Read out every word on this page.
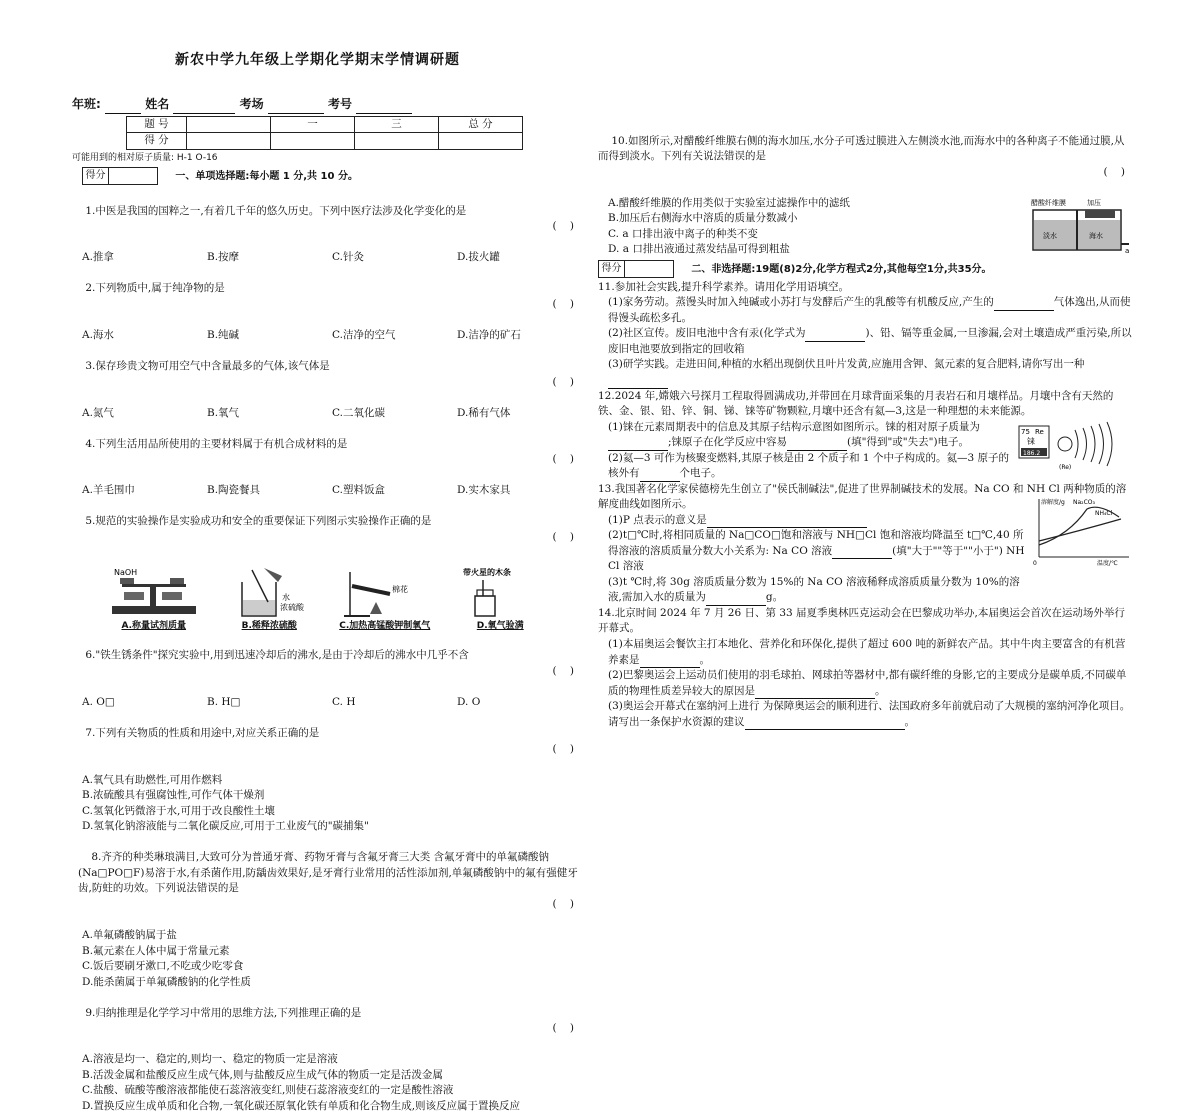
新农中学九年级上学期化学期末学情调研题
年班:	姓名	考场	考号
题 号		一	三	总 分
得 分				
可能用到的相对原子质量: H-1 O-16
得分	一、单项选择题:每小题 1 分,共 10 分。

1.中医是我国的国粹之一,有着几千年的悠久历史。下列中医疗法涉及化学变化的是

(    )

A.推拿	B.按摩	C.针灸	D.拔火罐

2.下列物质中,属于纯净物的是

(    )

A.海水	B.纯碱	C.洁净的空气	D.洁净的矿石

3.保存珍贵文物可用空气中含量最多的气体,该气体是

(    )

A.氮气	B.氧气	C.二氧化碳	D.稀有气体

4.下列生活用品所使用的主要材料属于有机合成材料的是

(    )

A.羊毛围巾	B.陶瓷餐具	C.塑料饭盒	D.实木家具

5.规范的实验操作是实验成功和安全的重要保证下列图示实验操作正确的是

(    )

NaOH
A.称量试剂质量
水
浓硫酸
B.稀释浓硫酸
棉花
C.加热高锰酸钾制氧气
带火星的木条
D.氧气验满

6."铁生锈条件"探究实验中,用到迅速冷却后的沸水,是由于冷却后的沸水中几乎不含

(    )

A. O□	B. H□	C. H	D. O

7.下列有关物质的性质和用途中,对应关系正确的是

(    )

A.氧气具有助燃性,可用作燃料
B.浓硫酸具有强腐蚀性,可作气体干燥剂
C.氢氧化钙微溶于水,可用于改良酸性土壤
D.氢氧化钠溶液能与二氧化碳反应,可用于工业废气的"碳捕集"

8.齐齐的种类琳琅满目,大致可分为普通牙膏、药物牙膏与含氟牙膏三大类 含氟牙膏中的单氟磷酸钠(Na□PO□F)易溶于水,有杀菌作用,防龋齿效果好,是牙膏行业常用的活性添加剂,单氟磷酸钠中的氟有强健牙齿,防蛀的功效。下列说法错误的是

(    )

A.单氟磷酸钠属于盐
B.氟元素在人体中属于常量元素
C.饭后要刷牙漱口,不吃或少吃零食
D.能杀菌属于单氟磷酸钠的化学性质

9.归纳推理是化学学习中常用的思维方法,下列推理正确的是

(    )

A.溶液是均一、稳定的,则均一、稳定的物质一定是溶液
B.活泼金属和盐酸反应生成气体,则与盐酸反应生成气体的物质一定是活泼金属
C.盐酸、硫酸等酸溶液都能使石蕊溶液变红,则使石蕊溶液变红的一定是酸性溶液
D.置换反应生成单质和化合物,一氧化碳还原氧化铁有单质和化合物生成,则该反应属于置换反应

10.如图所示,对醋酸纤维膜右侧的海水加压,水分子可透过膜进入左侧淡水池,而海水中的各种离子不能通过膜,从而得到淡水。下列有关说法错误的是

(    )

A.醋酸纤维膜的作用类似于实验室过滤操作中的滤纸
B.加压后右侧海水中溶质的质量分数减小
C. a 口排出液中离子的种类不变
D. a 口排出液通过蒸发结晶可得到粗盐
醋酸纤维膜	加压
淡水	海水
a
得分	二、非选择题:19题(8)2分,化学方程式2分,其他每空1分,共35分。
11.参加社会实践,提升科学素养。请用化学用语填空。
(1)家务劳动。蒸馒头时加入纯碱或小苏打与发酵后产生的乳酸等有机酸反应,产生的	气体逸出,从而使得馒头疏松多孔。
(2)社区宣传。废旧电池中含有汞(化学式为	)、铅、镉等重金属,一旦渗漏,会对土壤造成严重污染,所以废旧电池要放到指定的回收箱
(3)研学实践。走进田间,种植的水稻出现倒伏且叶片发黄,应施用含钾、氮元素的复合肥料,请你写出一种
12.2024 年,嫦娥六号探月工程取得圆满成功,并带回在月球背面采集的月表岩石和月壤样品。月壤中含有天然的铁、金、银、铅、锌、铜、锑、铼等矿物颗粒,月壤中还含有氦—3,这是一种理想的未来能源。
(1)铼在元素周期表中的信息及其原子结构示意图如图所示。铼的相对原子质量为;铼原子在化学反应中容易	(填"得到"或"失去")电子。
(2)氦—3 可作为核聚变燃料,其原子核是由 2 个质子和 1 个中子构成的。氦—3 原子的核外有	个电子。
75 Re
铼
186.2
(Re)
13.我国著名化学家侯德榜先生创立了"侯氏制碱法",促进了世界制碱技术的发展。Na CO 和 NH Cl 两种物质的溶解度曲线如图所示。
(1)P 点表示的意义是
(2)t□℃时,将相同质量的 Na□CO□饱和溶液与 NH□Cl 饱和溶液均降温至 t□℃,40 所得溶液的溶质质量分数大小关系为: Na CO 溶液	(填"大于""等于""小于") NH Cl 溶液
(3)t ℃时,将 30g 溶质质量分数为 15%的 Na CO 溶液稀释成溶质质量分数为 10%的溶液,需加入水的质量为	g。
溶解度/g Na₂CO₃
NH₄Cl
0	温度/℃
14.北京时间 2024 年 7 月 26 日、第 33 届夏季奥林匹克运动会在巴黎成功举办,本届奥运会首次在运动场外举行开幕式。
(1)本届奥运会餐饮主打本地化、营养化和环保化,提供了超过 600 吨的新鲜农产品。其中牛肉主要富含的有机营养素是	。
(2)巴黎奥运会上运动员们使用的羽毛球拍、网球拍等器材中,都有碳纤维的身影,它的主要成分是碳单质,不同碳单质的物理性质差异较大的原因是	。
(3)奥运会开幕式在塞纳河上进行 为保障奥运会的顺利进行、法国政府多年前就启动了大规模的塞纳河净化项目。请写出一条保护水资源的建议	。
